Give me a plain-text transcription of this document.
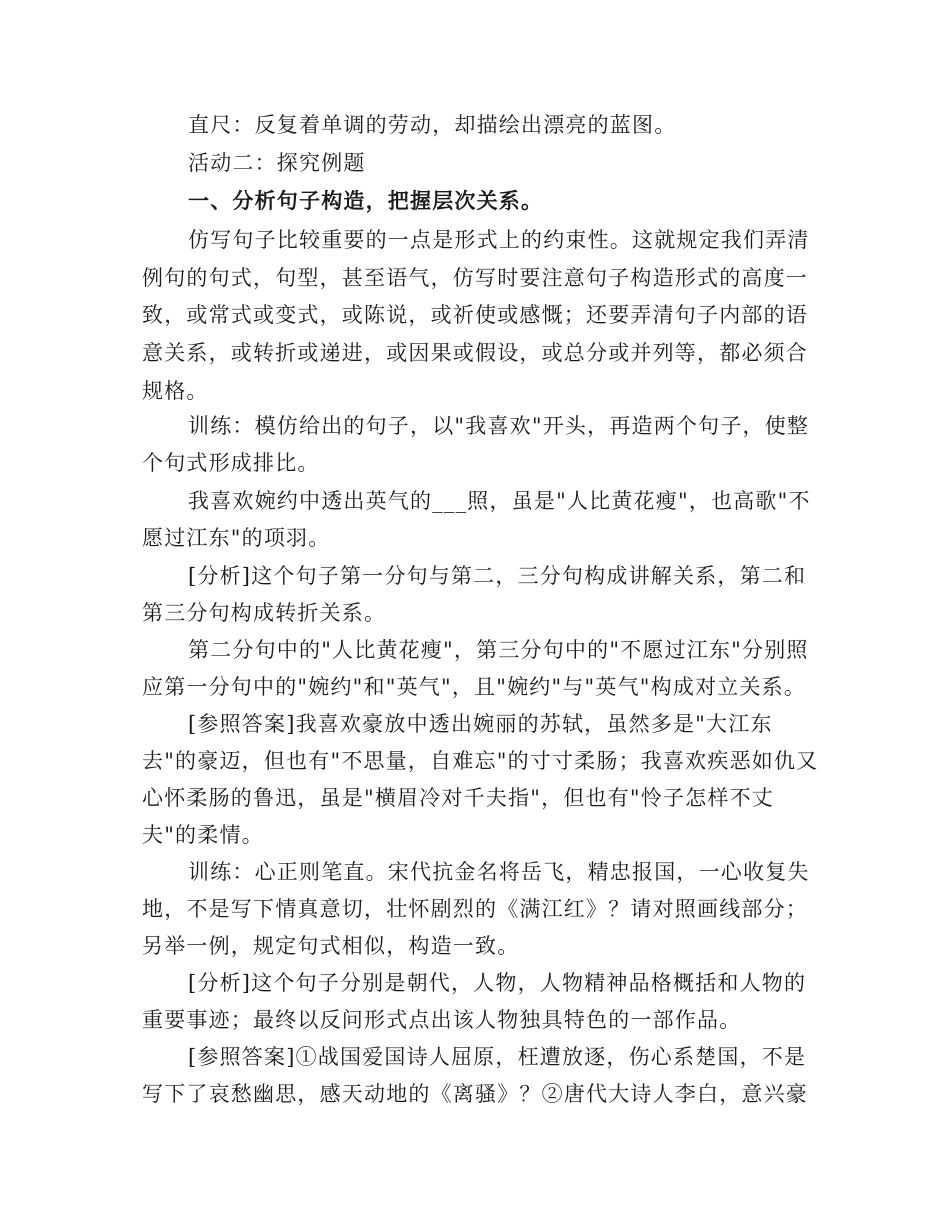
直尺：反复着单调的劳动，却描绘出漂亮的蓝图。
活动二：探究例题
一、分析句子构造，把握层次关系。
仿写句子比较重要的一点是形式上的约束性。这就规定我们弄清
例句的句式，句型，甚至语气，仿写时要注意句子构造形式的高度一
致，或常式或变式，或陈说，或祈使或感慨；还要弄清句子内部的语
意关系，或转折或递进，或因果或假设，或总分或并列等，都必须合
规格。
训练：模仿给出的句子，以"我喜欢"开头，再造两个句子，使整
个句式形成排比。
我喜欢婉约中透出英气的___照，虽是"人比黄花瘦"，也高歌"不
愿过江东"的项羽。
[分析]这个句子第一分句与第二，三分句构成讲解关系，第二和
第三分句构成转折关系。
第二分句中的"人比黄花瘦"，第三分句中的"不愿过江东"分别照
应第一分句中的"婉约"和"英气"，且"婉约"与"英气"构成对立关系。
[参照答案]我喜欢豪放中透出婉丽的苏轼，虽然多是"大江东
去"的豪迈，但也有"不思量，自难忘"的寸寸柔肠；我喜欢疾恶如仇又
心怀柔肠的鲁迅，虽是"横眉冷对千夫指"，但也有"怜子怎样不丈
夫"的柔情。
训练：心正则笔直。宋代抗金名将岳飞，精忠报国，一心收复失
地，不是写下情真意切，壮怀剧烈的《满江红》？请对照画线部分；
另举一例，规定句式相似，构造一致。
[分析]这个句子分别是朝代，人物，人物精神品格概括和人物的
重要事迹；最终以反问形式点出该人物独具特色的一部作品。
[参照答案]①战国爱国诗人屈原，枉遭放逐，伤心系楚国，不是
写下了哀愁幽思，感天动地的《离骚》？②唐代大诗人李白，意兴豪
